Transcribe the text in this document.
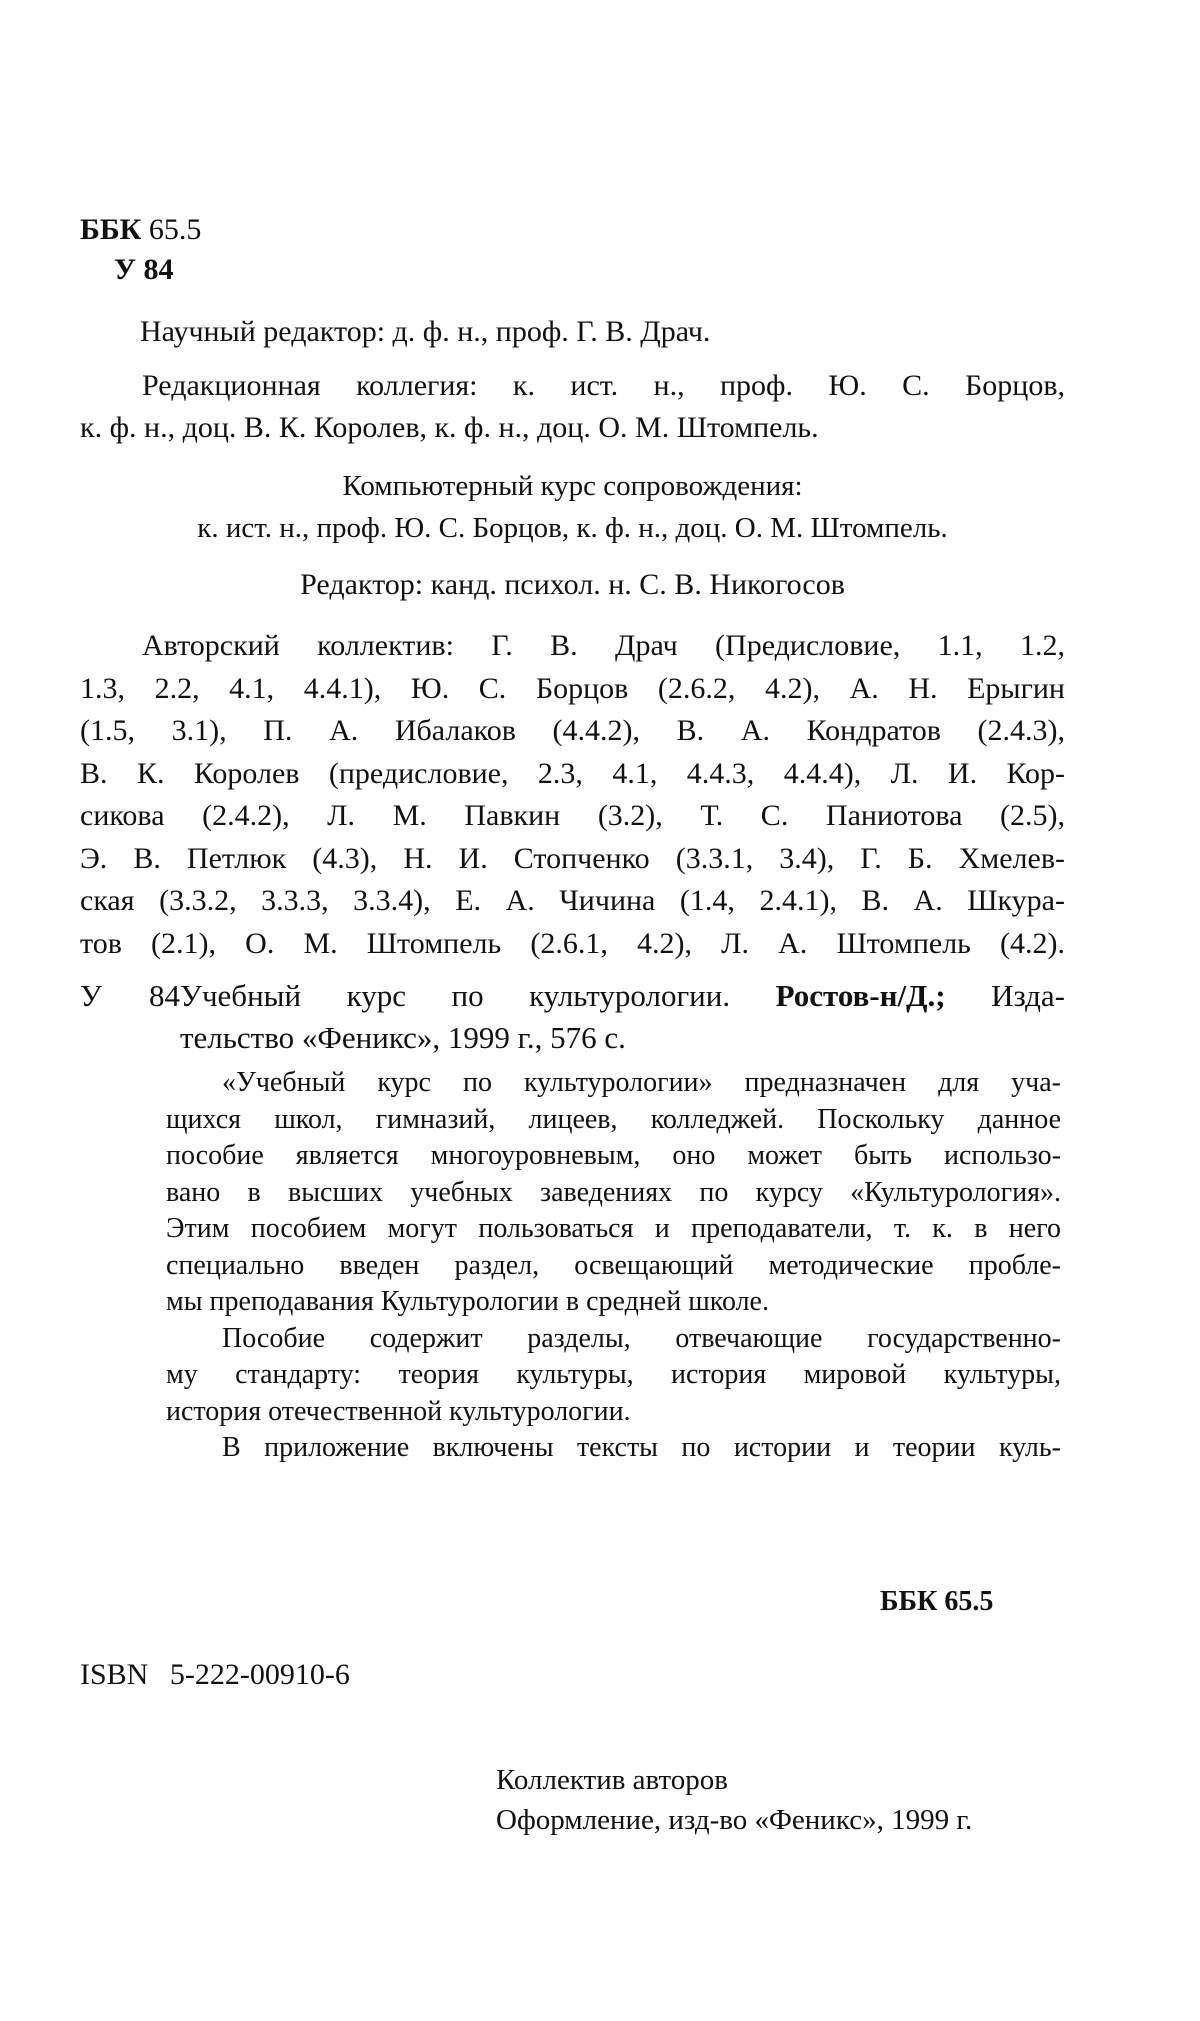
ББК 65.5
У 84
Научный редактор: д. ф. н., проф. Г. В. Драч.
Редакционная коллегия: к. ист. н., проф. Ю. С. Борцов,
к. ф. н., доц. В. К. Королев, к. ф. н., доц. О. М. Штомпель.
Компьютерный курс сопровождения:
к. ист. н., проф. Ю. С. Борцов, к. ф. н., доц. О. М. Штомпель.
Редактор: канд. психол. н. С. В. Никогосов
Авторский коллектив: Г. В. Драч (Предисловие, 1.1, 1.2,
1.3, 2.2, 4.1, 4.4.1), Ю. С. Борцов (2.6.2, 4.2), А. Н. Ерыгин
(1.5, 3.1), П. А. Ибалаков (4.4.2), В. А. Кондратов (2.4.3),
В. К. Королев (предисловие, 2.3, 4.1, 4.4.3, 4.4.4), Л. И. Кор-
сикова (2.4.2), Л. М. Павкин (3.2), Т. С. Паниотова (2.5),
Э. В. Петлюк (4.3), Н. И. Стопченко (3.3.1, 3.4), Г. Б. Хмелев-
ская (3.3.2, 3.3.3, 3.3.4), Е. А. Чичина (1.4, 2.4.1), В. А. Шкура-
тов (2.1), О. М. Штомпель (2.6.1, 4.2), Л. А. Штомпель (4.2).
У 84Учебный курс по культурологии. Ростов-н/Д.; Изда-
тельство «Феникс», 1999 г., 576 с.

«Учебный курс по культурологии» предназначен для уча-
щихся школ, гимназий, лицеев, колледжей. Поскольку данное
пособие является многоуровневым, оно может быть использо-
вано в высших учебных заведениях по курсу «Культурология».
Этим пособием могут пользоваться и преподаватели, т. к. в него
специально введен раздел, освещающий методические пробле-
мы преподавания Культурологии в средней школе.

Пособие содержит разделы, отвечающие государственно-
му стандарту: теория культуры, история мировой культуры,
история отечественной культурологии.

В приложение включены тексты по истории и теории куль-

ББК 65.5
ISBN 5-222-00910-6
Коллектив авторов
Оформление, изд-во «Феникс», 1999 г.
